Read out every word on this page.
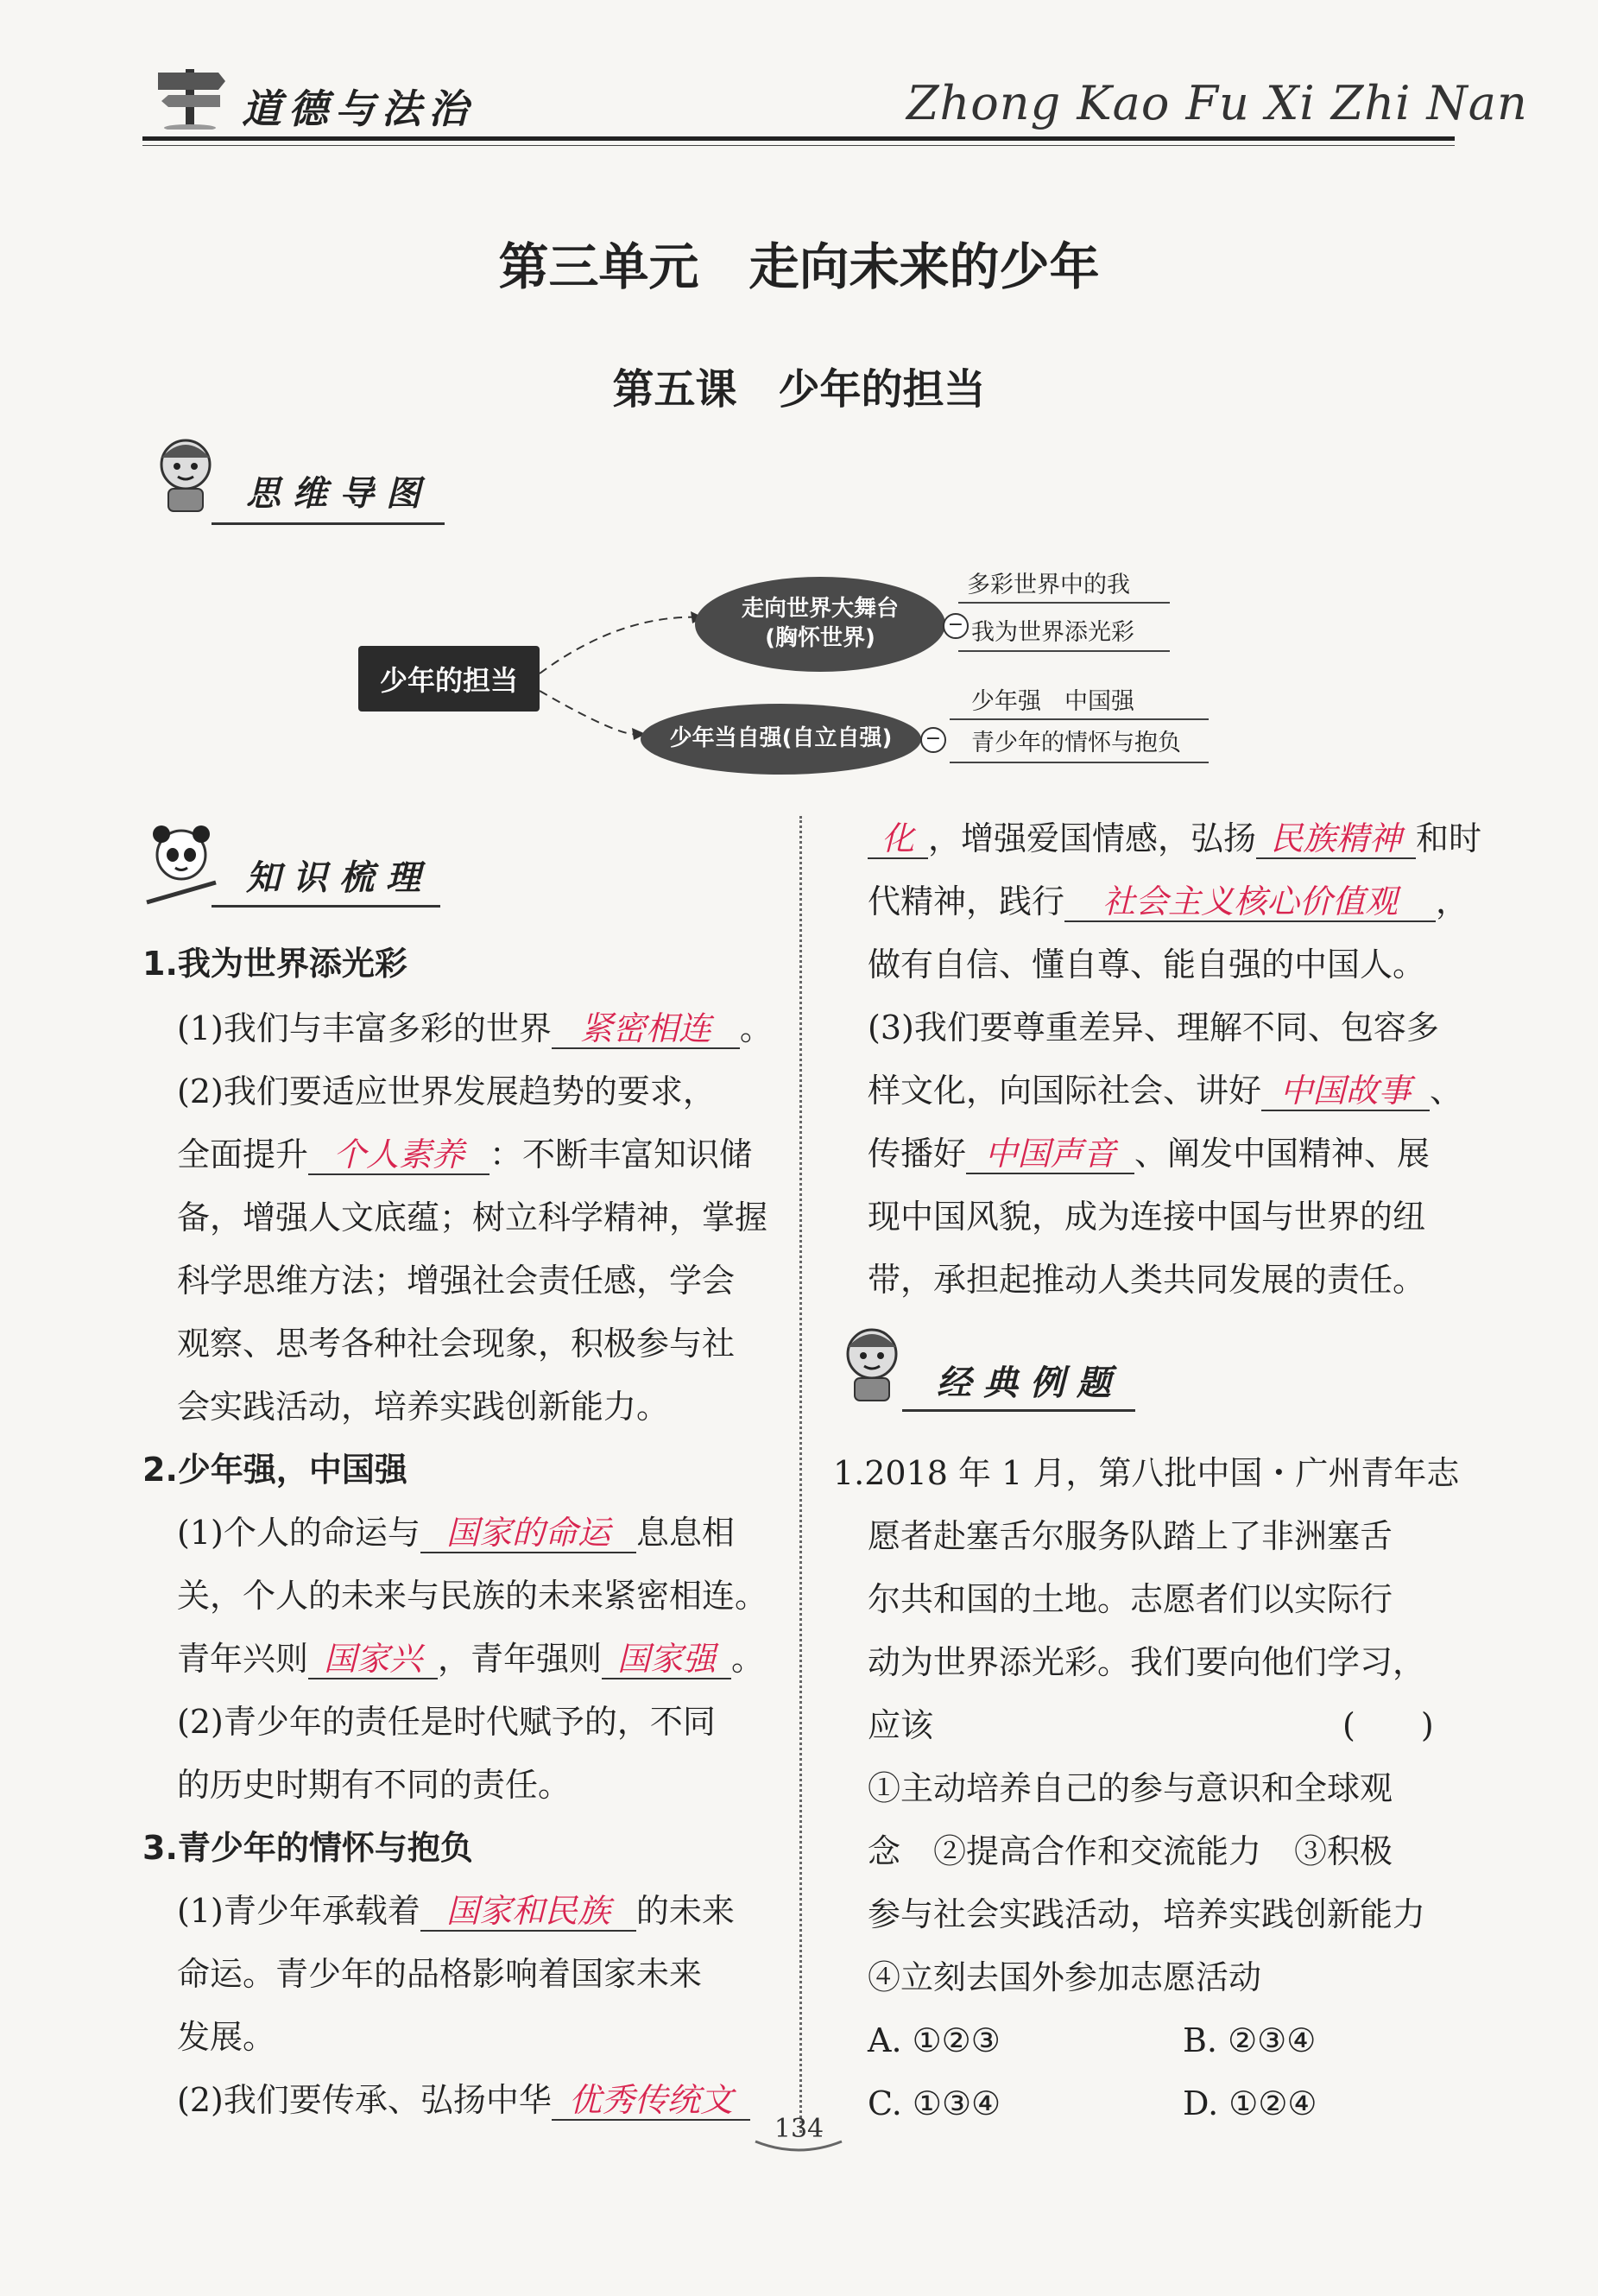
道德与法治	Zhong Kao Fu Xi Zhi Nan
第三单元　走向未来的少年
第五课　少年的担当
思维导图
少年的担当
走向世界大舞台
(胸怀世界)
−
多彩世界中的我
我为世界添光彩
少年当自强(自立自强) −
少年强　中国强
青少年的情怀与抱负
知识梳理
1.我为世界添光彩
(1)我们与丰富多彩的世界 紧密相连 。
(2)我们要适应世界发展趋势的要求，
全面提升 个人素养 ：不断丰富知识储
备，增强人文底蕴；树立科学精神，掌握
科学思维方法；增强社会责任感，学会
观察、思考各种社会现象，积极参与社
会实践活动，培养实践创新能力。
2.少年强，中国强
(1)个人的命运与 国家的命运 息息相
关，个人的未来与民族的未来紧密相连。
青年兴则 国家兴 ，青年强则 国家强 。
(2)青少年的责任是时代赋予的，不同
的历史时期有不同的责任。
3.青少年的情怀与抱负
(1)青少年承载着 国家和民族 的未来
命运。青少年的品格影响着国家未来
发展。
(2)我们要传承、弘扬中华 优秀传统文
化 ，增强爱国情感，弘扬 民族精神 和时
代精神，践行 社会主义核心价值观 ，
做有自信、懂自尊、能自强的中国人。
(3)我们要尊重差异、理解不同、包容多
样文化，向国际社会、讲好 中国故事 、
传播好 中国声音 、阐发中国精神、展
现中国风貌，成为连接中国与世界的纽
带，承担起推动人类共同发展的责任。
经典例题
1.2018 年 1 月，第八批中国・广州青年志
愿者赴塞舌尔服务队踏上了非洲塞舌
尔共和国的土地。志愿者们以实际行
动为世界添光彩。我们要向他们学习，
应该	(　　)
①主动培养自己的参与意识和全球观
念　②提高合作和交流能力　③积极
参与社会实践活动，培养实践创新能力
④立刻去国外参加志愿活动
A. ①②③	B. ②③④
C. ①③④	D. ①②④
134
